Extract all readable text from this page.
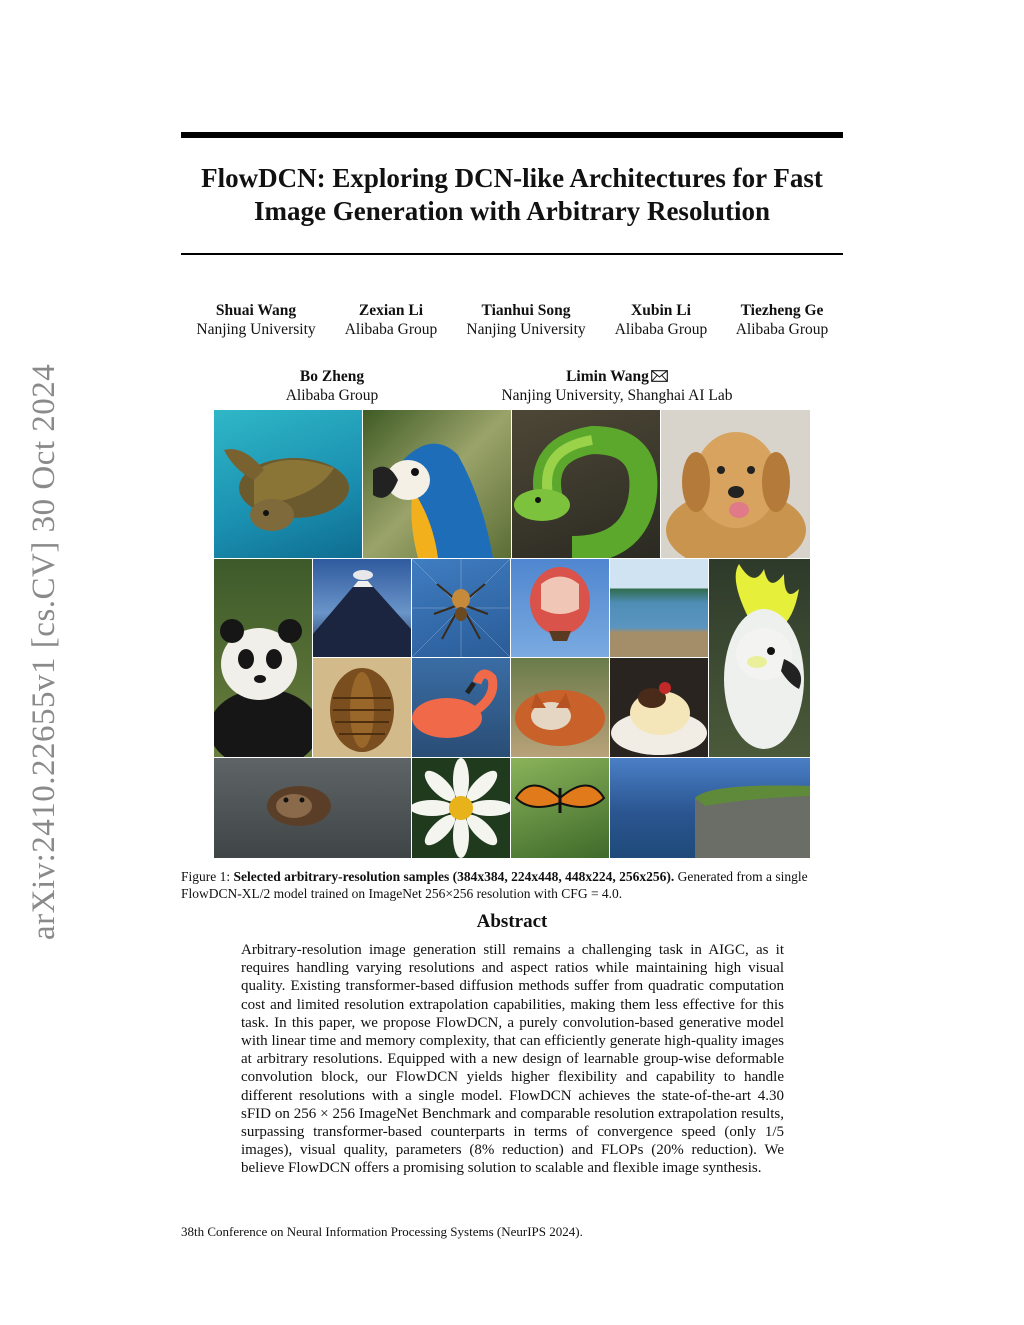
arXiv:2410.22655v1 [cs.CV] 30 Oct 2024
FlowDCN: Exploring DCN-like Architectures for Fast
Image Generation with Arbitrary Resolution
Shuai Wang
Nanjing University
Zexian Li
Alibaba Group
Tianhui Song
Nanjing University
Xubin Li
Alibaba Group
Tiezheng Ge
Alibaba Group
Bo Zheng
Alibaba Group
Limin Wang
Nanjing University, Shanghai AI Lab
Figure 1: Selected arbitrary-resolution samples (384x384, 224x448, 448x224, 256x256). Generated from a single FlowDCN-XL/2 model trained on ImageNet 256×256 resolution with CFG = 4.0.
Abstract
Arbitrary-resolution image generation still remains a challenging task in AIGC, as it requires handling varying resolutions and aspect ratios while maintaining high visual quality. Existing transformer-based diffusion methods suffer from quadratic computation cost and limited resolution extrapolation capabilities, making them less effective for this task. In this paper, we propose FlowDCN, a purely convolution-based generative model with linear time and memory complexity, that can efficiently generate high-quality images at arbitrary resolutions. Equipped with a new design of learnable group-wise deformable convolution block, our FlowDCN yields higher flexibility and capability to handle different resolutions with a single model. FlowDCN achieves the state-of-the-art 4.30 sFID on 256 × 256 ImageNet Benchmark and comparable resolution extrapolation results, surpassing transformer-based counterparts in terms of convergence speed (only 1/5 images), visual quality, parameters (8% reduction) and FLOPs (20% reduction). We believe FlowDCN offers a promising solution to scalable and flexible image synthesis.
38th Conference on Neural Information Processing Systems (NeurIPS 2024).
